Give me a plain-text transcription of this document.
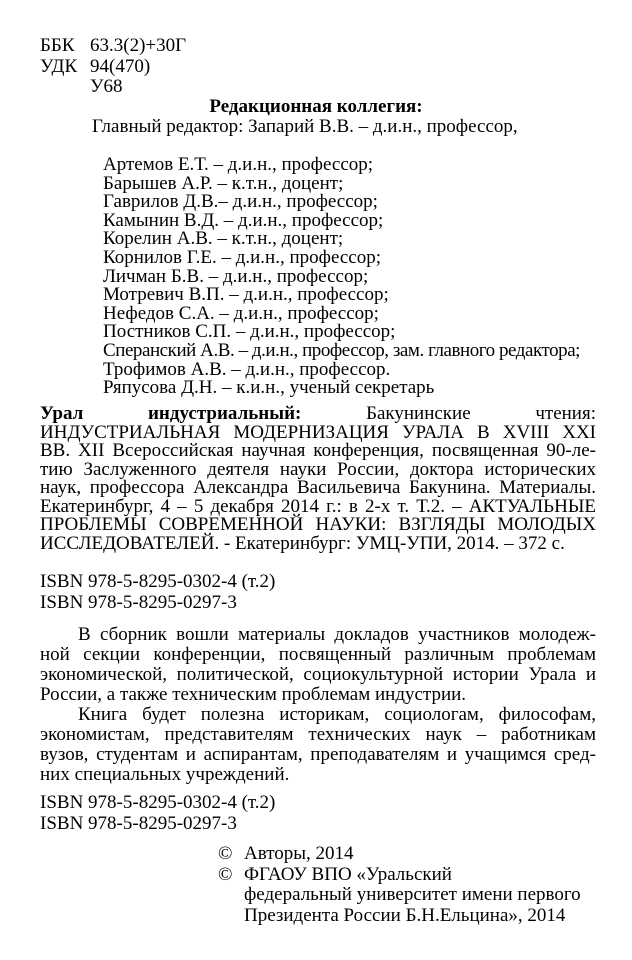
ББК 63.3(2)+30Г
УДК 94(470)
У68
Редакционная коллегия:
Главный редактор: Запарий В.В. – д.и.н., профессор,
Артемов Е.Т. – д.и.н., профессор;
Барышев А.Р. – к.т.н., доцент;
Гаврилов Д.В.– д.и.н., профессор;
Камынин В.Д. – д.и.н., профессор;
Корелин А.В. – к.т.н., доцент;
Корнилов Г.Е. – д.и.н., профессор;
Личман Б.В. – д.и.н., профессор;
Мотревич В.П. – д.и.н., профессор;
Нефедов С.А. – д.и.н., профессор;
Постников С.П. – д.и.н., профессор;
Сперанский А.В. – д.и.н., профессор, зам. главного редактора;
Трофимов А.В. – д.и.н., профессор.
Ряпусова Д.Н. – к.и.н., ученый секретарь
Урал	индустриальный:	Бакунинские	чтения:
ИНДУСТРИАЛЬНАЯ МОДЕРНИЗАЦИЯ УРАЛА В XVIII XXI
ВВ. XII Всероссийская научная конференция, посвященная 90-ле-
тию Заслуженного деятеля науки России, доктора исторических
наук, профессора Александра Васильевича Бакунина. Материалы.
Екатеринбург, 4 – 5 декабря 2014 г.: в 2-х т. Т.2. – АКТУАЛЬНЫЕ
ПРОБЛЕМЫ СОВРЕМЕННОЙ НАУКИ: ВЗГЛЯДЫ МОЛОДЫХ
ИССЛЕДОВАТЕЛЕЙ. - Екатеринбург: УМЦ-УПИ, 2014. – 372 с.
ISBN 978-5-8295-0302-4 (т.2)
ISBN 978-5-8295-0297-3
В сборник вошли материалы докладов участников молодеж-
ной секции конференции, посвященный различным проблемам
экономической, политической, социокультурной истории Урала и
России, а также техническим проблемам индустрии.
Книга будет полезна историкам, социологам, философам,
экономистам, представителям технических наук – работникам
вузов, студентам и аспирантам, преподавателям и учащимся сред-
них специальных учреждений.
ISBN 978-5-8295-0302-4 (т.2)
ISBN 978-5-8295-0297-3
© Авторы, 2014
© ФГАОУ ВПО «Уральский
федеральный университет имени первого
Президента России Б.Н.Ельцина», 2014
